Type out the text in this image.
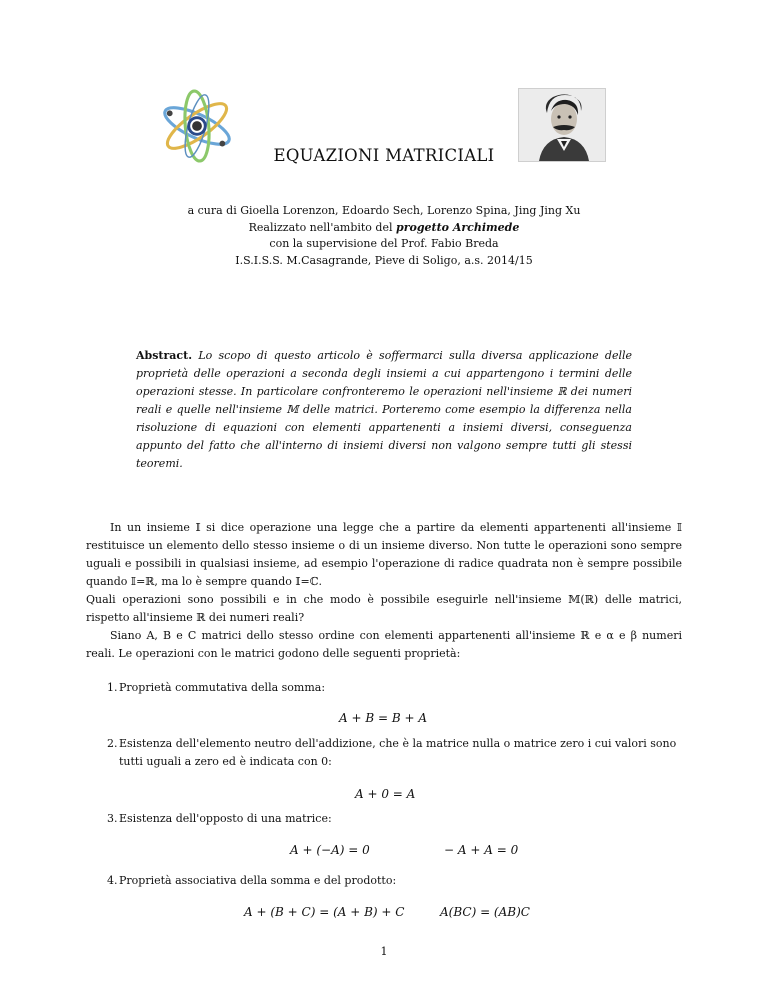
EQUAZIONI MATRICIALI
a cura di Gioella Lorenzon, Edoardo Sech, Lorenzo Spina, Jing Jing Xu
Realizzato nell'ambito del progetto Archimede
con la supervisione del Prof. Fabio Breda
I.S.I.S.S. M.Casagrande, Pieve di Soligo, a.s. 2014/15
Abstract. Lo scopo di questo articolo è soffermarci sulla diversa applicazione delle proprietà delle operazioni a seconda degli insiemi a cui appartengono i termini delle operazioni stesse. In particolare confronteremo le operazioni nell'insieme ℝ dei numeri reali e quelle nell'insieme 𝕄 delle matrici. Porteremo come esempio la differenza nella risoluzione di equazioni con elementi appartenenti a insiemi diversi, conseguenza appunto del fatto che all'interno di insiemi diversi non valgono sempre tutti gli stessi teoremi.
In un insieme 𝕀 si dice operazione una legge che a partire da elementi appartenenti all'insieme 𝕀 restituisce un elemento dello stesso insieme o di un insieme diverso. Non tutte le operazioni sono sempre uguali e possibili in qualsiasi insieme, ad esempio l'operazione di radice quadrata non è sempre possibile quando 𝕀=ℝ, ma lo è sempre quando 𝕀=ℂ.
Quali operazioni sono possibili e in che modo è possibile eseguirle nell'insieme 𝕄(ℝ) delle matrici, rispetto all'insieme ℝ dei numeri reali?
Siano A, B e C matrici dello stesso ordine con elementi appartenenti all'insieme ℝ e α e β numeri reali. Le operazioni con le matrici godono delle seguenti proprietà:
1. Proprietà commutativa della somma:
A + B = B + A
2. Esistenza dell'elemento neutro dell'addizione, che è la matrice nulla o matrice zero i cui valori sono tutti uguali a zero ed è indicata con 0:
A + 0 = A
3. Esistenza dell'opposto di una matrice:
A + (−A) = 0	− A + A = 0
4. Proprietà associativa della somma e del prodotto:
A + (B + C) = (A + B) + C	A(BC) = (AB)C
1
